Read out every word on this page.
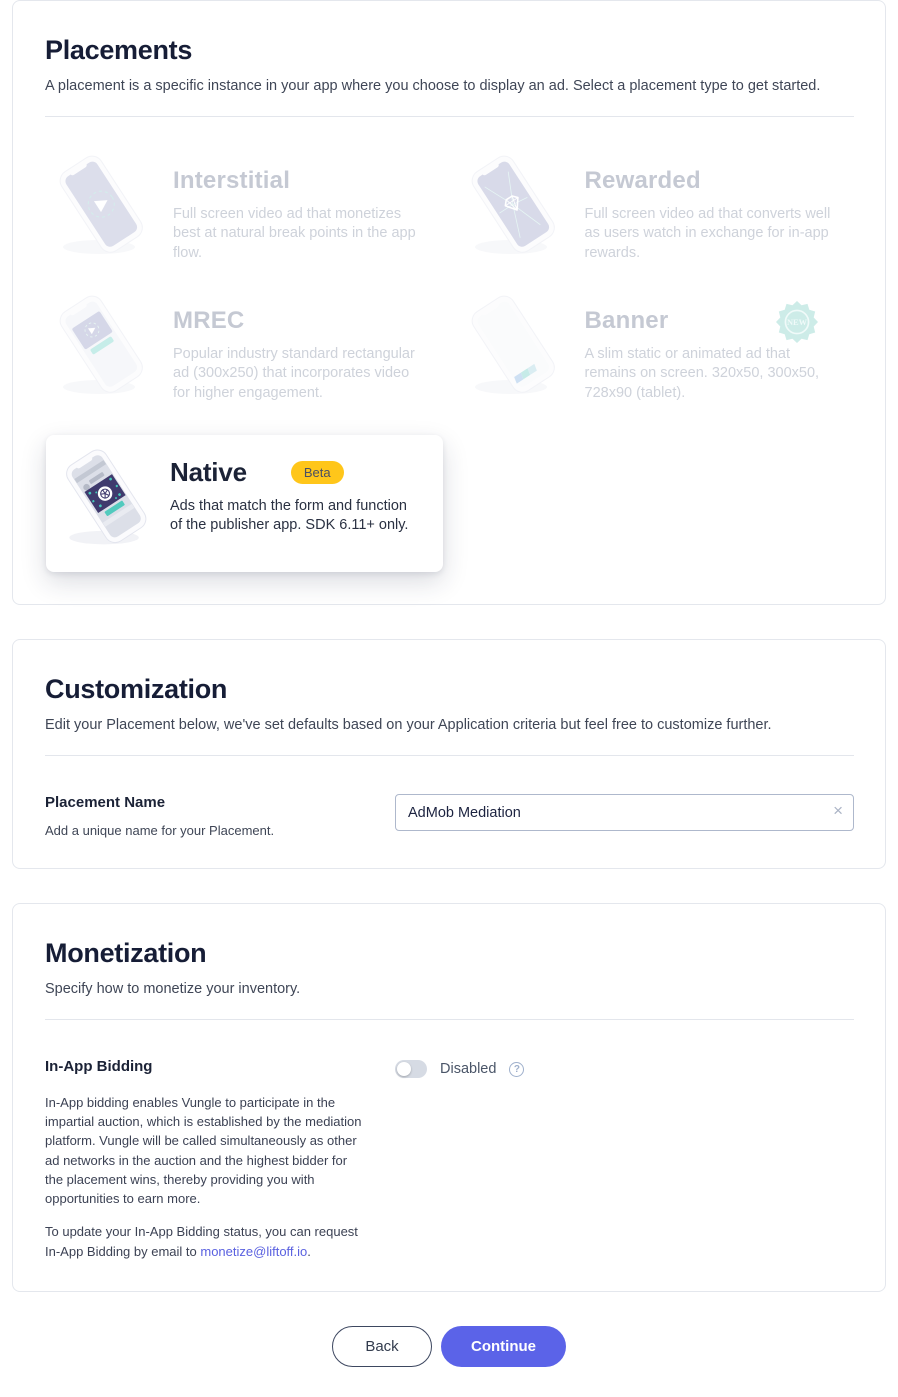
Placements

A placement is a specific instance in your app where you choose to display an ad. Select a placement type to get started.

Interstitial

Full screen video ad that monetizes best at natural break points in the app flow.

Rewarded

Full screen video ad that converts well as users watch in exchange for in-app rewards.

MREC

Popular industry standard rectangular ad (300x250) that incorporates video for higher engagement.

Banner

A slim static or animated ad that remains on screen. 320x50, 300x50, 728x90 (tablet).

NEW
Native	Beta

Ads that match the form and function of the publisher app. SDK 6.11+ only.

Customization

Edit your Placement below, we've set defaults based on your Application criteria but feel free to customize further.

Placement Name

Add a unique name for your Placement.

AdMob Mediation
×
Monetization

Specify how to monetize your inventory.

In-App Bidding

In-App bidding enables Vungle to participate in the impartial auction, which is established by the mediation platform. Vungle will be called simultaneously as other ad networks in the auction and the highest bidder for the placement wins, thereby providing you with opportunities to earn more.

To update your In-App Bidding status, you can request In-App Bidding by email to monetize@liftoff.io.

Disabled	?
Back	Continue
